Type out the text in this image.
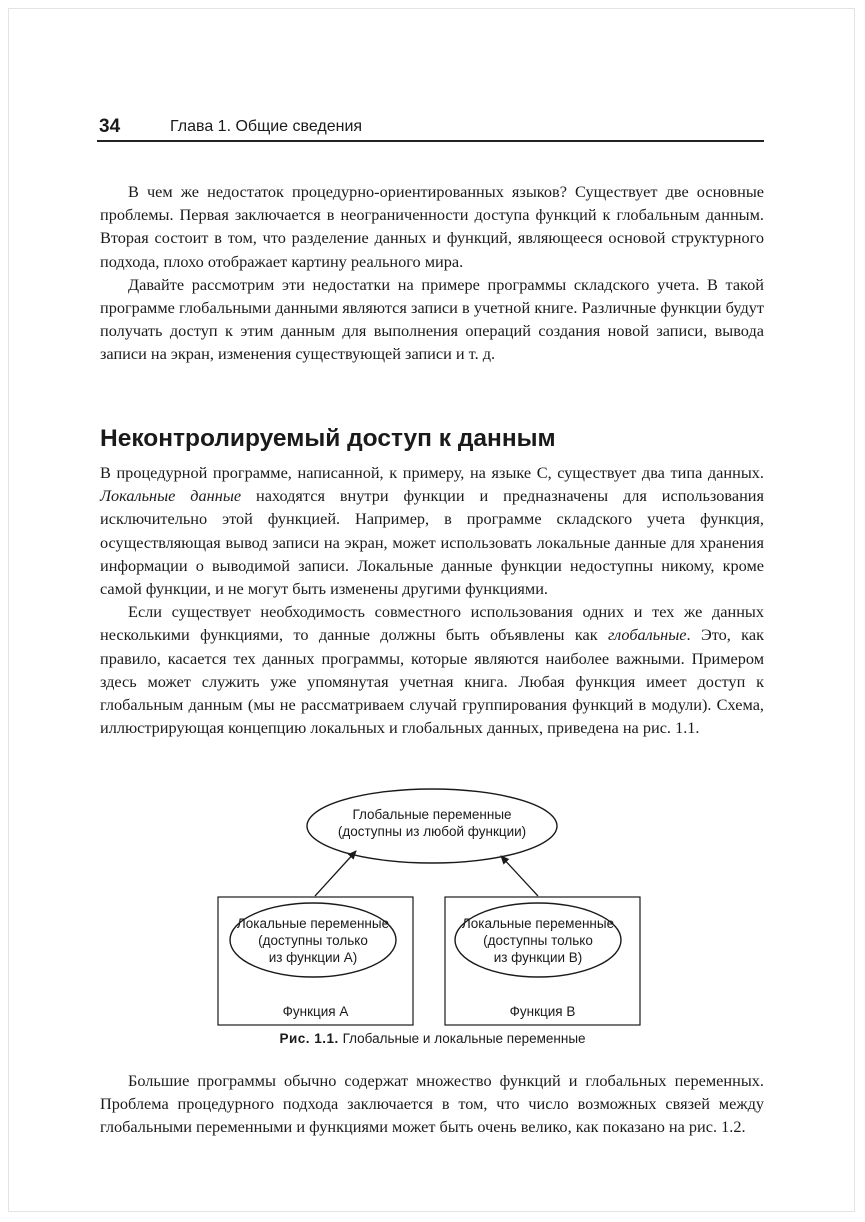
34	Глава 1. Общие сведения

В чем же недостаток процедурно-ориентированных языков? Существует две основные проблемы. Первая заключается в неограниченности доступа функций к глобальным данным. Вторая состоит в том, что разделение данных и функций, являющееся основой структурного подхода, плохо отображает картину реального мира.

Давайте рассмотрим эти недостатки на примере программы складского учета. В такой программе глобальными данными являются записи в учетной книге. Различные функции будут получать доступ к этим данным для выполнения операций создания новой записи, вывода записи на экран, изменения существующей записи и т. д.

Неконтролируемый доступ к данным

В процедурной программе, написанной, к примеру, на языке С, существует два типа данных. Локальные данные находятся внутри функции и предназначены для использования исключительно этой функцией. Например, в программе складского учета функция, осуществляющая вывод записи на экран, может использовать локальные данные для хранения информации о выводимой записи. Локальные данные функции недоступны никому, кроме самой функции, и не могут быть изменены другими функциями.

Если существует необходимость совместного использования одних и тех же данных несколькими функциями, то данные должны быть объявлены как глобальные. Это, как правило, касается тех данных программы, которые являются наиболее важными. Примером здесь может служить уже упомянутая учетная книга. Любая функция имеет доступ к глобальным данным (мы не рассматриваем случай группирования функций в модули). Схема, иллюстрирующая концепцию локальных и глобальных данных, приведена на рис. 1.1.

Глобальные переменные
(доступны из любой функции)
Локальные переменные
(доступны только
из функции А)
Локальные переменные
(доступны только
из функции В)
Функция А	Функция В
Рис. 1.1. Глобальные и локальные переменные

Большие программы обычно содержат множество функций и глобальных переменных. Проблема процедурного подхода заключается в том, что число возможных связей между глобальными переменными и функциями может быть очень велико, как показано на рис. 1.2.
